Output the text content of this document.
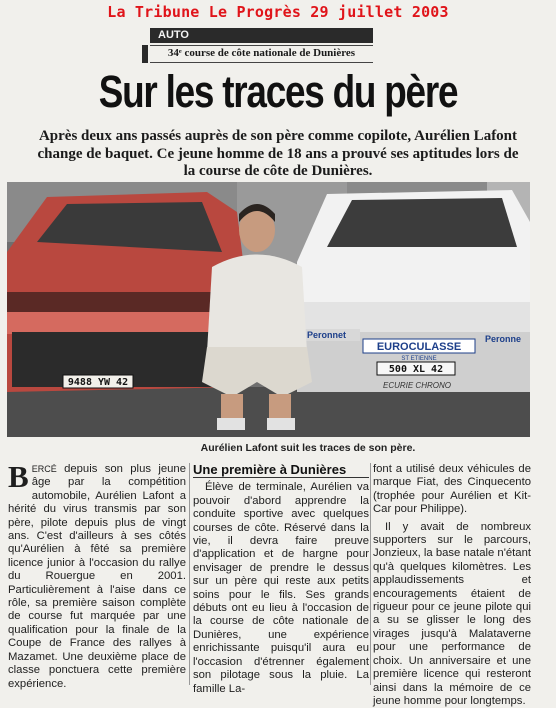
La Tribune Le Progrès 29 juillet 2003
AUTO
34ᵉ course de côte nationale de Dunières
Sur les traces du père
Après deux ans passés auprès de son père comme copilote, Aurélien Lafont change de baquet. Ce jeune homme de 18 ans a prouvé ses aptitudes lors de la course de côte de Dunières.
9488 YW 42
Peronnet
EUROCULASSE
ST ETIENNE
Peronne
500 XL 42
ECURIE CHRONO
Aurélien Lafont suit les traces de son père.

BERCÉ depuis son plus jeune âge par la compétition automobile, Aurélien Lafont a hérité du virus transmis par son père, pilote depuis plus de vingt ans. C'est d'ailleurs à ses côtés qu'Aurélien à fêté sa première licence junior à l'occasion du rallye du Rouergue en 2001. Particulièrement à l'aise dans ce rôle, sa première saison complète de course fut marquée par une qualification pour la finale de la Coupe de France des rallyes à Mazamet. Une deuxième place de classe ponctuera cette première expérience.

Une première à Dunières

Élève de terminale, Aurélien va pouvoir d'abord apprendre la conduite sportive avec quelques courses de côte. Réservé dans la vie, il devra faire preuve d'application et de hargne pour envisager de prendre le dessus sur un père qui reste aux petits soins pour le fils. Ses grands débuts ont eu lieu à l'occasion de la course de côte nationale de Dunières, une expérience enrichissante puisqu'il aura eu l'occasion d'étrenner également son pilotage sous la pluie. La famille La-

font a utilisé deux véhicules de marque Fiat, des Cinquecento (trophée pour Aurélien et Kit-Car pour Philippe).

Il y avait de nombreux supporters sur le parcours, Jonzieux, la base natale n'étant qu'à quelques kilomètres. Les applaudissements et encouragements étaient de rigueur pour ce jeune pilote qui a su se glisser le long des virages jusqu'à Malataverne pour une performance de choix. Un anniversaire et une première licence qui resteront ainsi dans la mémoire de ce jeune homme pour longtemps.
